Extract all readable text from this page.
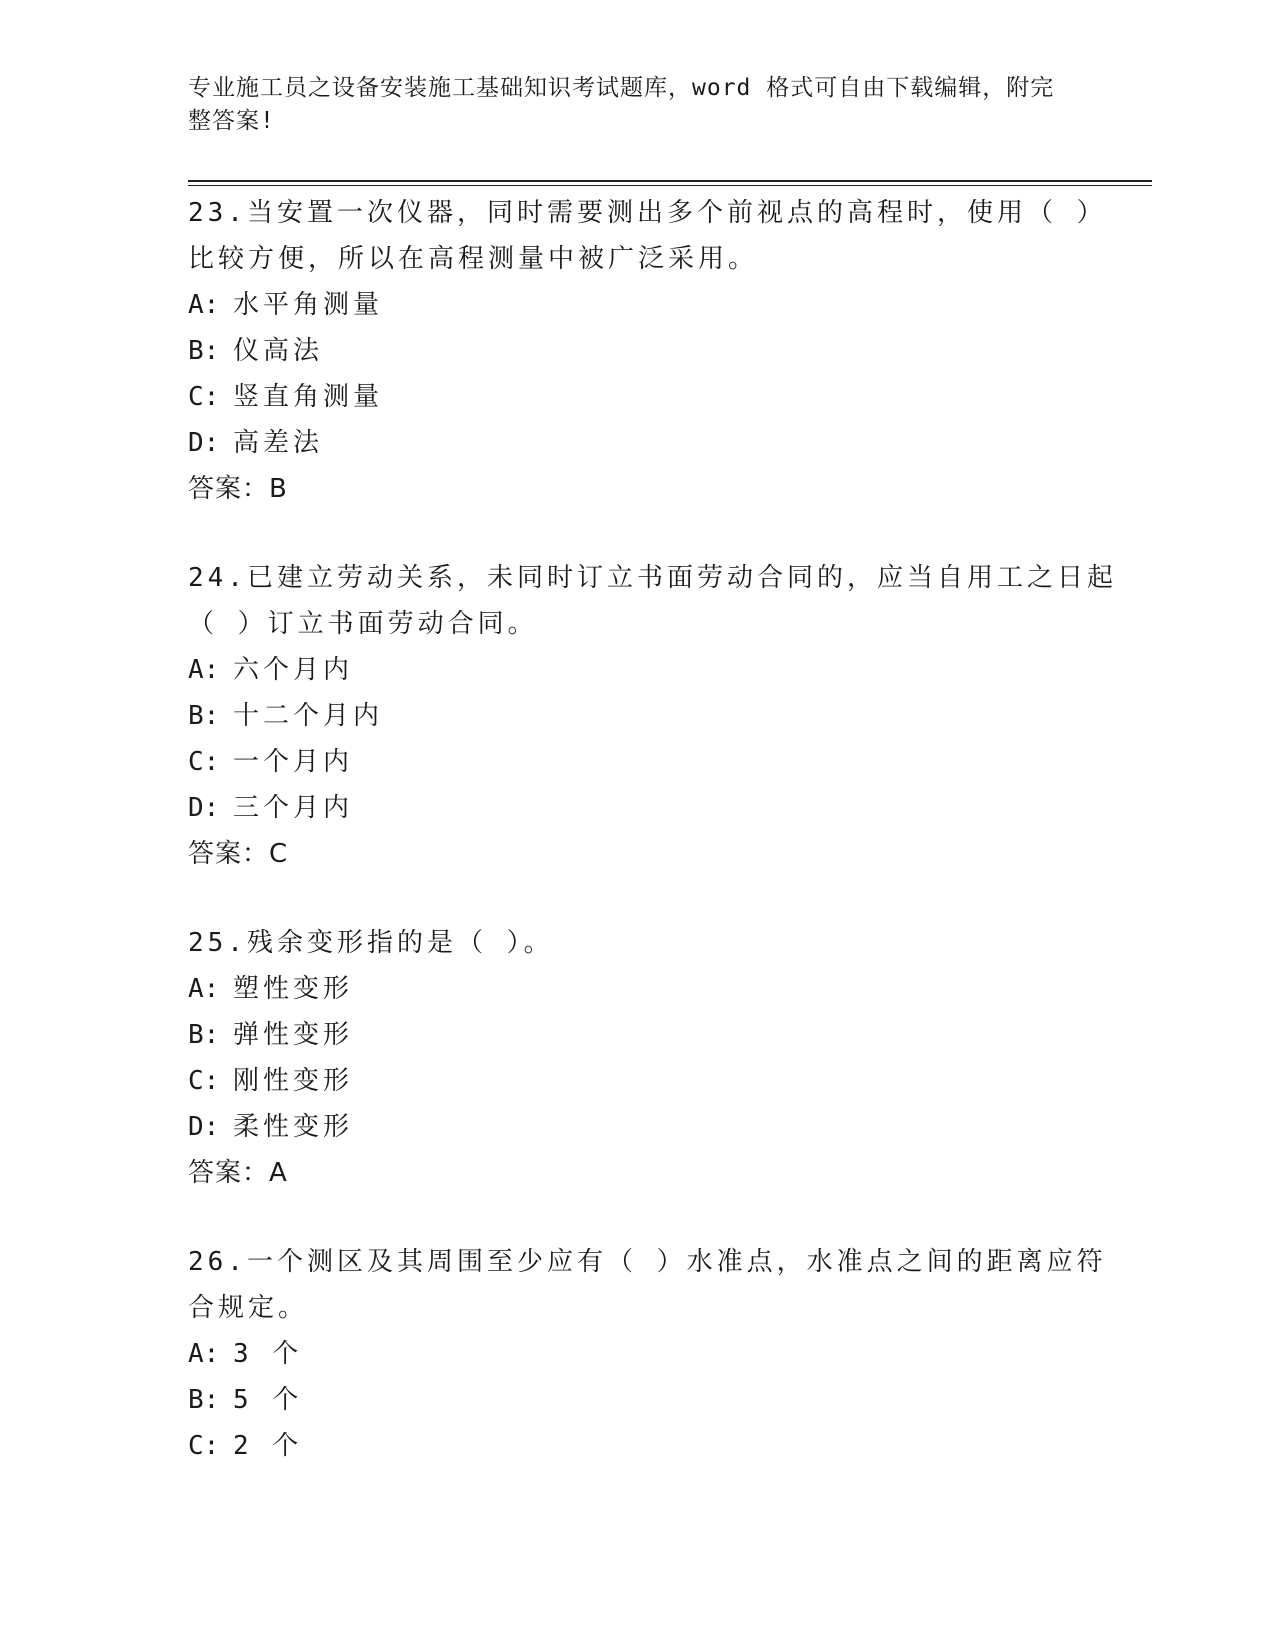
专业施工员之设备安装施工基础知识考试题库，word 格式可自由下载编辑，附完
整答案!
23.当安置一次仪器，同时需要测出多个前视点的高程时，使用（ ）
比较方便，所以在高程测量中被广泛采用。
A: 水平角测量
B: 仪高法
C: 竖直角测量
D: 高差法
答案：B
24.已建立劳动关系，未同时订立书面劳动合同的，应当自用工之日起
（ ）订立书面劳动合同。
A: 六个月内
B: 十二个月内
C: 一个月内
D: 三个月内
答案：C
25.残余变形指的是（ ）。
A: 塑性变形
B: 弹性变形
C: 刚性变形
D: 柔性变形
答案：A
26.一个测区及其周围至少应有（ ）水准点，水准点之间的距离应符
合规定。
A: 3 个
B: 5 个
C: 2 个
